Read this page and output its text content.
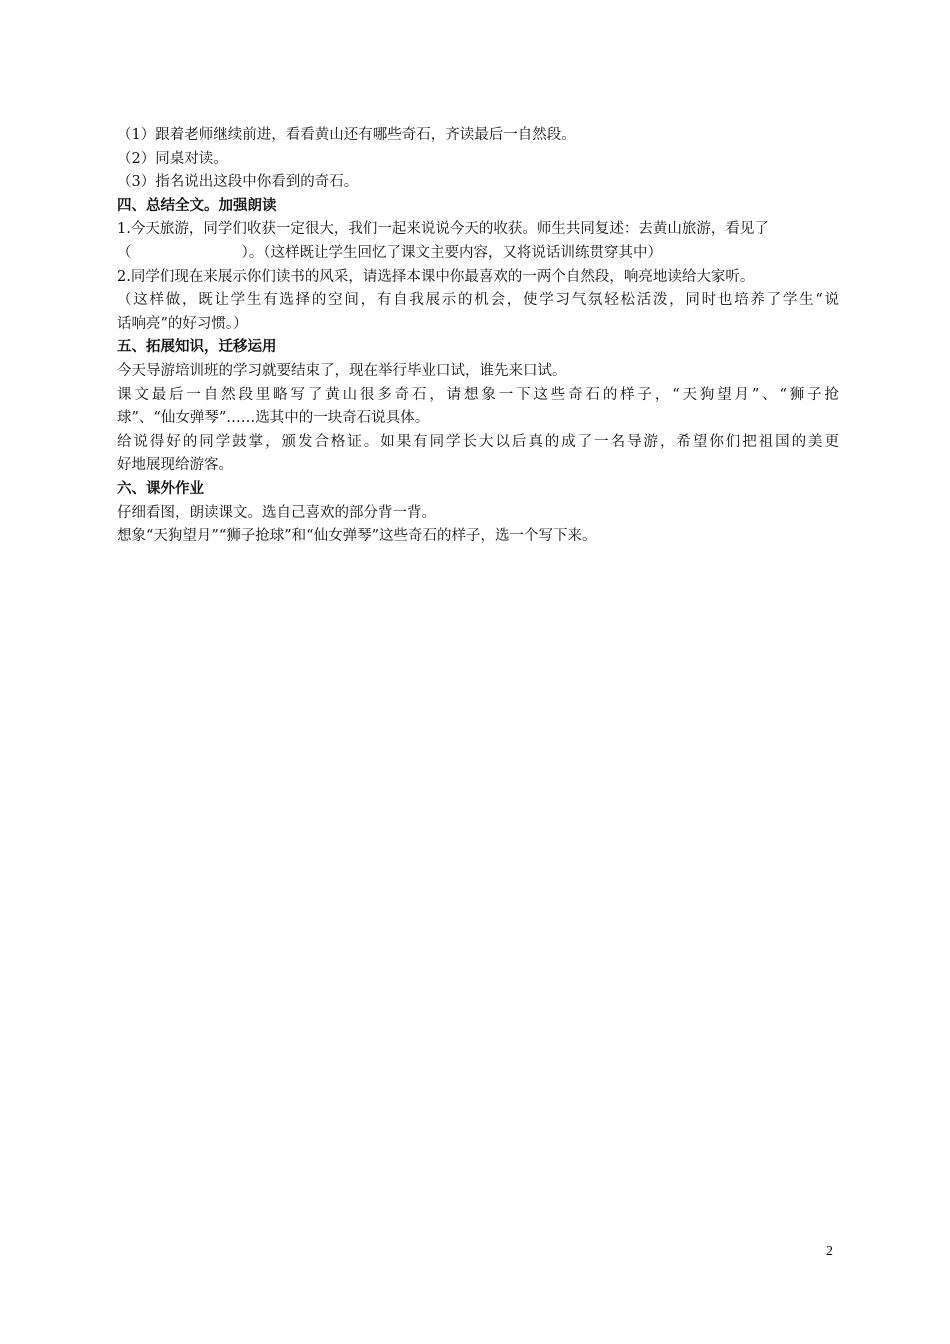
（1）跟着老师继续前进，看看黄山还有哪些奇石，齐读最后一自然段。
（2）同桌对读。
（3）指名说出这段中你看到的奇石。
四、总结全文。加强朗读
1.今天旅游，同学们收获一定很大，我们一起来说说今天的收获。师生共同复述：去黄山旅游，看见了
（	）。（这样既让学生回忆了课文主要内容，又将说话训练贯穿其中）
2.同学们现在来展示你们读书的风采，请选择本课中你最喜欢的一两个自然段，响亮地读给大家听。
（这样做，既让学生有选择的空间，有自我展示的机会，使学习气氛轻松活泼，同时也培养了学生“说
话响亮”的好习惯。）
五、拓展知识，迁移运用
今天导游培训班的学习就要结束了，现在举行毕业口试，谁先来口试。
课文最后一自然段里略写了黄山很多奇石，请想象一下这些奇石的样子，“天狗望月”、“狮子抢
球”、“仙女弹琴”……选其中的一块奇石说具体。
给说得好的同学鼓掌，颁发合格证。如果有同学长大以后真的成了一名导游，希望你们把祖国的美更
好地展现给游客。
六、课外作业
仔细看图，朗读课文。选自己喜欢的部分背一背。
想象“天狗望月”“狮子抢球”和“仙女弹琴”这些奇石的样子，选一个写下来。
2
